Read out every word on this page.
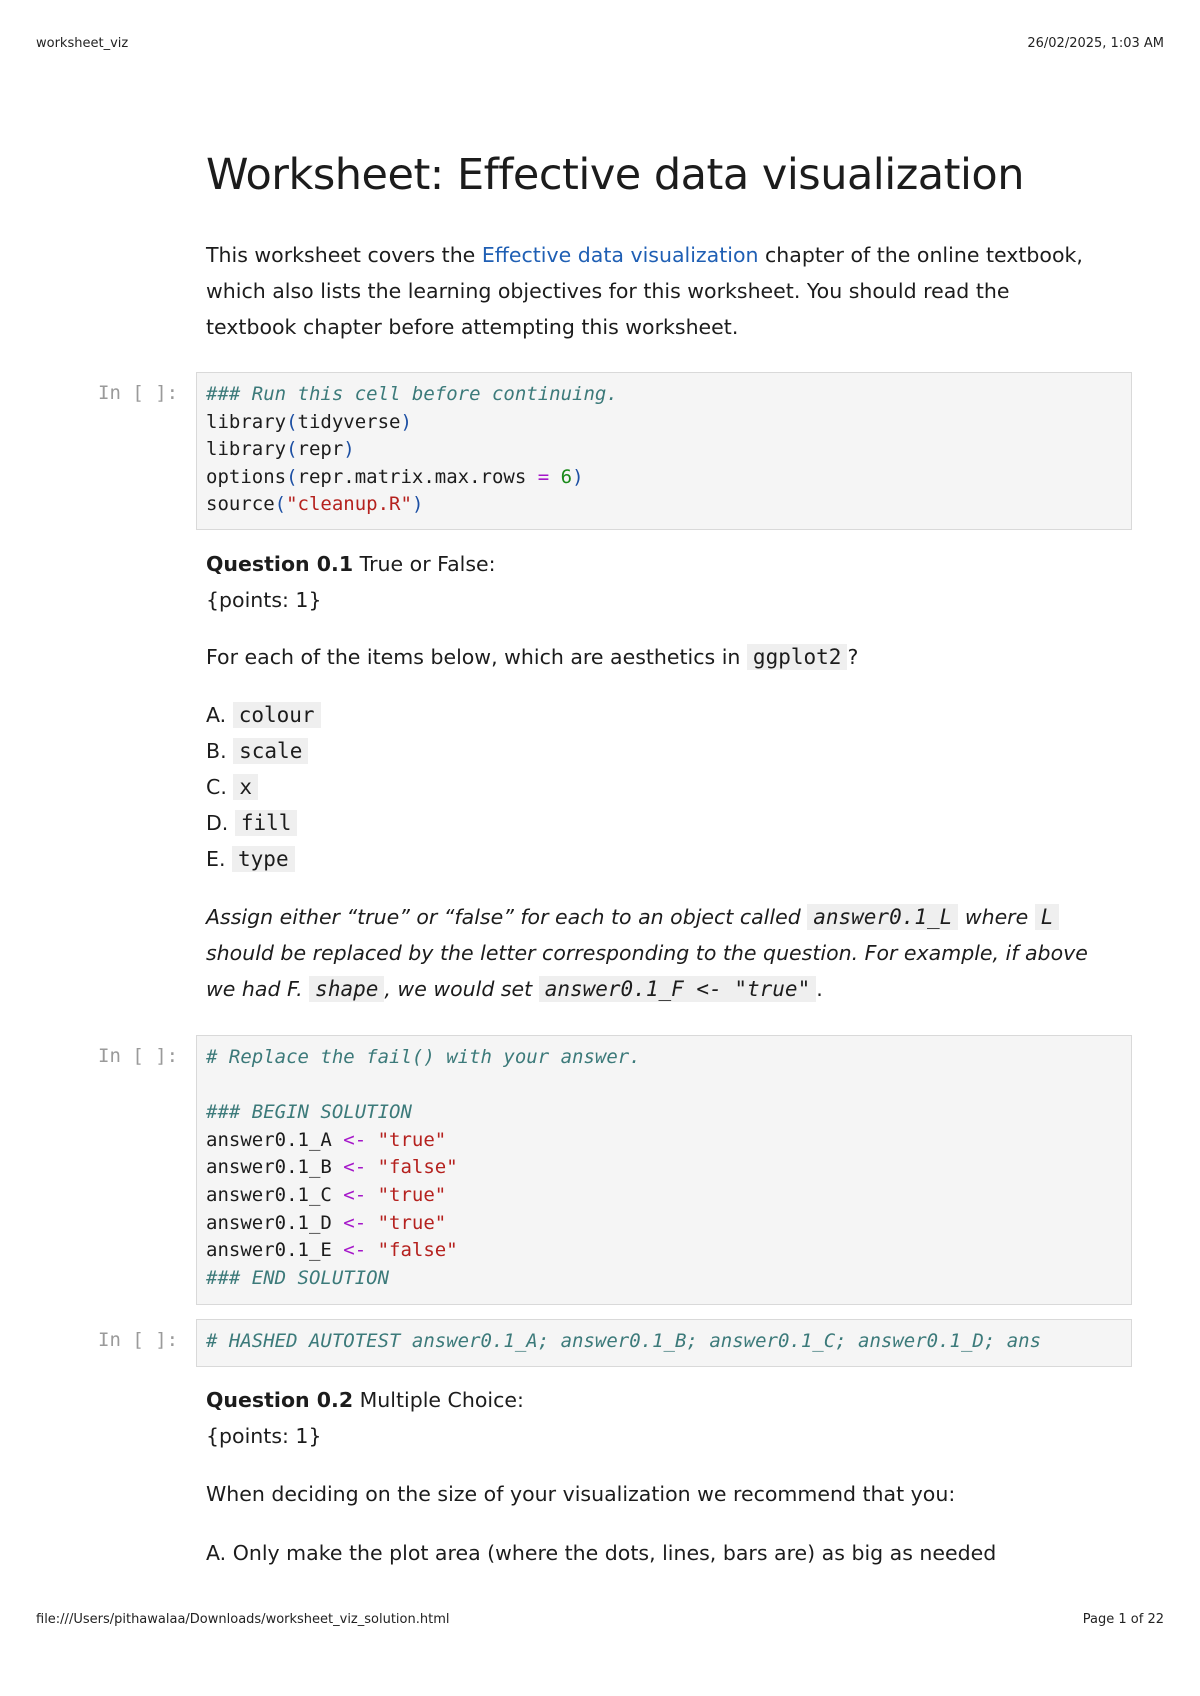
worksheet_viz	26/02/2025, 1:03 AM
Worksheet: Effective data visualization

This worksheet covers the Effective data visualization chapter of the online textbook,

which also lists the learning objectives for this worksheet. You should read the

textbook chapter before attempting this worksheet.

In [ ]:	### Run this cell before continuing.
library(tidyverse)
library(repr)
options(repr.matrix.max.rows = 6)
source("cleanup.R")

Question 0.1 True or False:

{points: 1}

For each of the items below, which are aesthetics in ggplot2 ?

A. colour

B. scale

C. x

D. fill

E. type

Assign either “true” or “false” for each to an object called answer0.1_L where L

should be replaced by the letter corresponding to the question. For example, if above

we had F. shape , we would set answer0.1_F <- "true" .

In [ ]:	# Replace the fail() with your answer.

### BEGIN SOLUTION
answer0.1_A <- "true"
answer0.1_B <- "false"
answer0.1_C <- "true"
answer0.1_D <- "true"
answer0.1_E <- "false"
### END SOLUTION
In [ ]:	# HASHED AUTOTEST answer0.1_A; answer0.1_B; answer0.1_C; answer0.1_D; ans

Question 0.2 Multiple Choice:

{points: 1}

When deciding on the size of your visualization we recommend that you:
A. Only make the plot area (where the dots, lines, bars are) as big as needed
file:///Users/pithawalaa/Downloads/worksheet_viz_solution.html	Page 1 of 22
